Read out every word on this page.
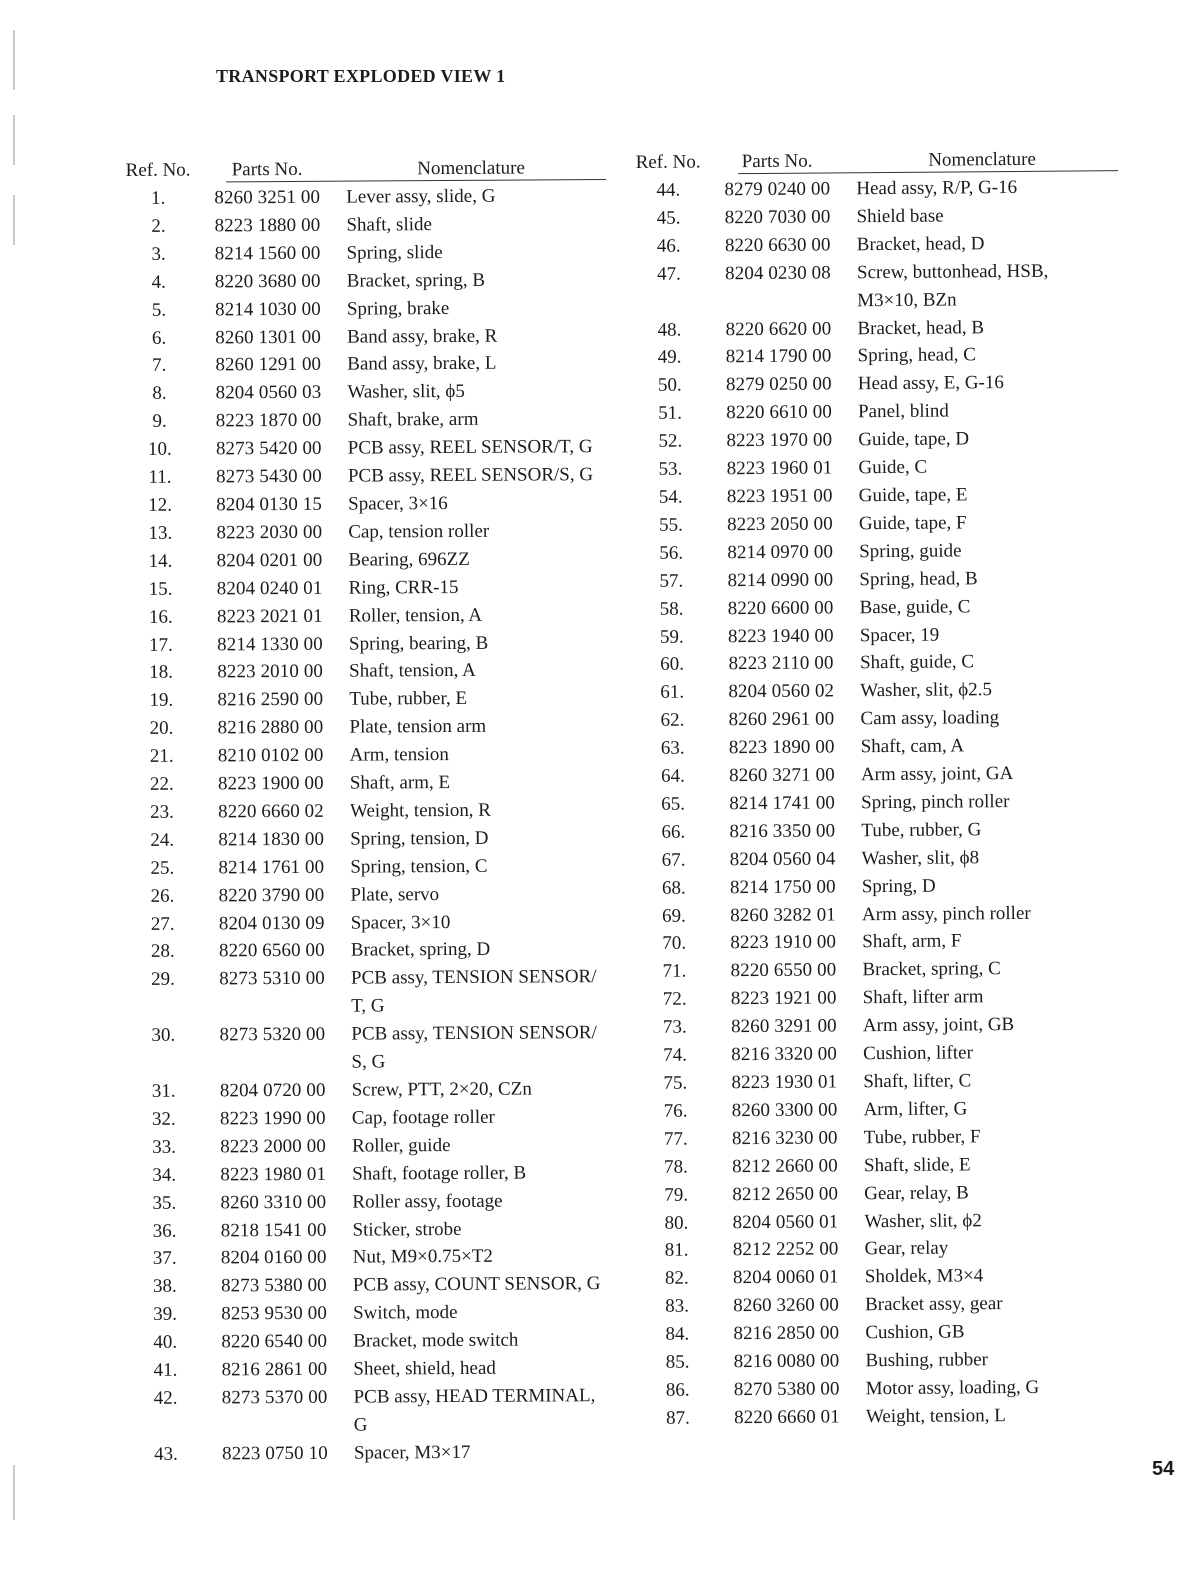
TRANSPORT EXPLODED VIEW 1
Ref. No.	Parts No.	Nomenclature
1.	8260 3251 00	Lever assy, slide, G
2.	8223 1880 00	Shaft, slide
3.	8214 1560 00	Spring, slide
4.	8220 3680 00	Bracket, spring, B
5.	8214 1030 00	Spring, brake
6.	8260 1301 00	Band assy, brake, R
7.	8260 1291 00	Band assy, brake, L
8.	8204 0560 03	Washer, slit, ϕ5
9.	8223 1870 00	Shaft, brake, arm
10.	8273 5420 00	PCB assy, REEL SENSOR/T, G
11.	8273 5430 00	PCB assy, REEL SENSOR/S, G
12.	8204 0130 15	Spacer, 3×16
13.	8223 2030 00	Cap, tension roller
14.	8204 0201 00	Bearing, 696ZZ
15.	8204 0240 01	Ring, CRR-15
16.	8223 2021 01	Roller, tension, A
17.	8214 1330 00	Spring, bearing, B
18.	8223 2010 00	Shaft, tension, A
19.	8216 2590 00	Tube, rubber, E
20.	8216 2880 00	Plate, tension arm
21.	8210 0102 00	Arm, tension
22.	8223 1900 00	Shaft, arm, E
23.	8220 6660 02	Weight, tension, R
24.	8214 1830 00	Spring, tension, D
25.	8214 1761 00	Spring, tension, C
26.	8220 3790 00	Plate, servo
27.	8204 0130 09	Spacer, 3×10
28.	8220 6560 00	Bracket, spring, D
29.	8273 5310 00	PCB assy, TENSION SENSOR/
T, G
30.	8273 5320 00	PCB assy, TENSION SENSOR/
S, G
31.	8204 0720 00	Screw, PTT, 2×20, CZn
32.	8223 1990 00	Cap, footage roller
33.	8223 2000 00	Roller, guide
34.	8223 1980 01	Shaft, footage roller, B
35.	8260 3310 00	Roller assy, footage
36.	8218 1541 00	Sticker, strobe
37.	8204 0160 00	Nut, M9×0.75×T2
38.	8273 5380 00	PCB assy, COUNT SENSOR, G
39.	8253 9530 00	Switch, mode
40.	8220 6540 00	Bracket, mode switch
41.	8216 2861 00	Sheet, shield, head
42.	8273 5370 00	PCB assy, HEAD TERMINAL, G
43.	8223 0750 10	Spacer, M3×17
Ref. No.	Parts No.	Nomenclature
44.	8279 0240 00	Head assy, R/P, G-16
45.	8220 7030 00	Shield base
46.	8220 6630 00	Bracket, head, D
47.	8204 0230 08	Screw, buttonhead, HSB,
M3×10, BZn
48.	8220 6620 00	Bracket, head, B
49.	8214 1790 00	Spring, head, C
50.	8279 0250 00	Head assy, E, G-16
51.	8220 6610 00	Panel, blind
52.	8223 1970 00	Guide, tape, D
53.	8223 1960 01	Guide, C
54.	8223 1951 00	Guide, tape, E
55.	8223 2050 00	Guide, tape, F
56.	8214 0970 00	Spring, guide
57.	8214 0990 00	Spring, head, B
58.	8220 6600 00	Base, guide, C
59.	8223 1940 00	Spacer, 19
60.	8223 2110 00	Shaft, guide, C
61.	8204 0560 02	Washer, slit, ϕ2.5
62.	8260 2961 00	Cam assy, loading
63.	8223 1890 00	Shaft, cam, A
64.	8260 3271 00	Arm assy, joint, GA
65.	8214 1741 00	Spring, pinch roller
66.	8216 3350 00	Tube, rubber, G
67.	8204 0560 04	Washer, slit, ϕ8
68.	8214 1750 00	Spring, D
69.	8260 3282 01	Arm assy, pinch roller
70.	8223 1910 00	Shaft, arm, F
71.	8220 6550 00	Bracket, spring, C
72.	8223 1921 00	Shaft, lifter arm
73.	8260 3291 00	Arm assy, joint, GB
74.	8216 3320 00	Cushion, lifter
75.	8223 1930 01	Shaft, lifter, C
76.	8260 3300 00	Arm, lifter, G
77.	8216 3230 00	Tube, rubber, F
78.	8212 2660 00	Shaft, slide, E
79.	8212 2650 00	Gear, relay, B
80.	8204 0560 01	Washer, slit, ϕ2
81.	8212 2252 00	Gear, relay
82.	8204 0060 01	Sholdek, M3×4
83.	8260 3260 00	Bracket assy, gear
84.	8216 2850 00	Cushion, GB
85.	8216 0080 00	Bushing, rubber
86.	8270 5380 00	Motor assy, loading, G
87.	8220 6660 01	Weight, tension, L
54
